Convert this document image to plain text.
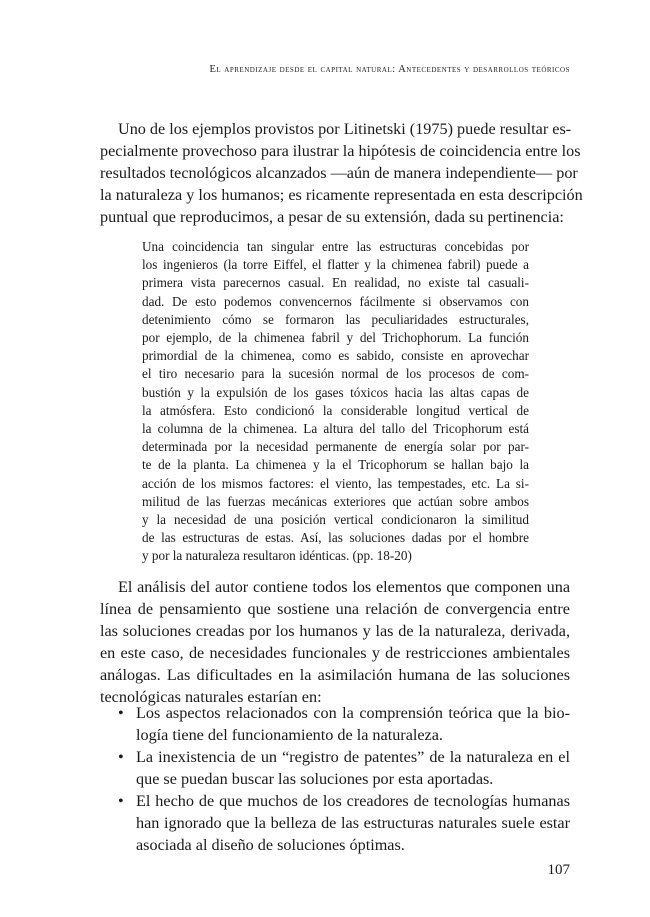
El aprendizaje desde el capital natural: Antecedentes y desarrollos teóricos

Uno de los ejemplos provistos por Litinetski (1975) puede resultar es-
pecialmente provechoso para ilustrar la hipótesis de coincidencia entre los
resultados tecnológicos alcanzados —aún de manera independiente— por
la naturaleza y los humanos; es ricamente representada en esta descripción
puntual que reproducimos, a pesar de su extensión, dada su pertinencia:

Una coincidencia tan singular entre las estructuras concebidas por
los ingenieros (la torre Eiffel, el flatter y la chimenea fabril) puede a
primera vista parecernos casual. En realidad, no existe tal casuali-
dad. De esto podemos convencernos fácilmente si observamos con
detenimiento cómo se formaron las peculiaridades estructurales,
por ejemplo, de la chimenea fabril y del Trichophorum. La función
primordial de la chimenea, como es sabido, consiste en aprovechar
el tiro necesario para la sucesión normal de los procesos de com-
bustión y la expulsión de los gases tóxicos hacia las altas capas de
la atmósfera. Esto condicionó la considerable longitud vertical de
la columna de la chimenea. La altura del tallo del Tricophorum está
determinada por la necesidad permanente de energía solar por par-
te de la planta. La chimenea y la el Tricophorum se hallan bajo la
acción de los mismos factores: el viento, las tempestades, etc. La si-
militud de las fuerzas mecánicas exteriores que actúan sobre ambos
y la necesidad de una posición vertical condicionaron la similitud
de las estructuras de estas. Así, las soluciones dadas por el hombre
y por la naturaleza resultaron idénticas. (pp. 18-20)

El análisis del autor contiene todos los elementos que componen una
línea de pensamiento que sostiene una relación de convergencia entre
las soluciones creadas por los humanos y las de la naturaleza, derivada,
en este caso, de necesidades funcionales y de restricciones ambientales
análogas. Las dificultades en la asimilación humana de las soluciones
tecnológicas naturales estarían en:

• Los aspectos relacionados con la comprensión teórica que la bio-
logía tiene del funcionamiento de la naturaleza.
• La inexistencia de un “registro de patentes” de la naturaleza en el
que se puedan buscar las soluciones por esta aportadas.
• El hecho de que muchos de los creadores de tecnologías humanas
han ignorado que la belleza de las estructuras naturales suele estar
asociada al diseño de soluciones óptimas.
107
